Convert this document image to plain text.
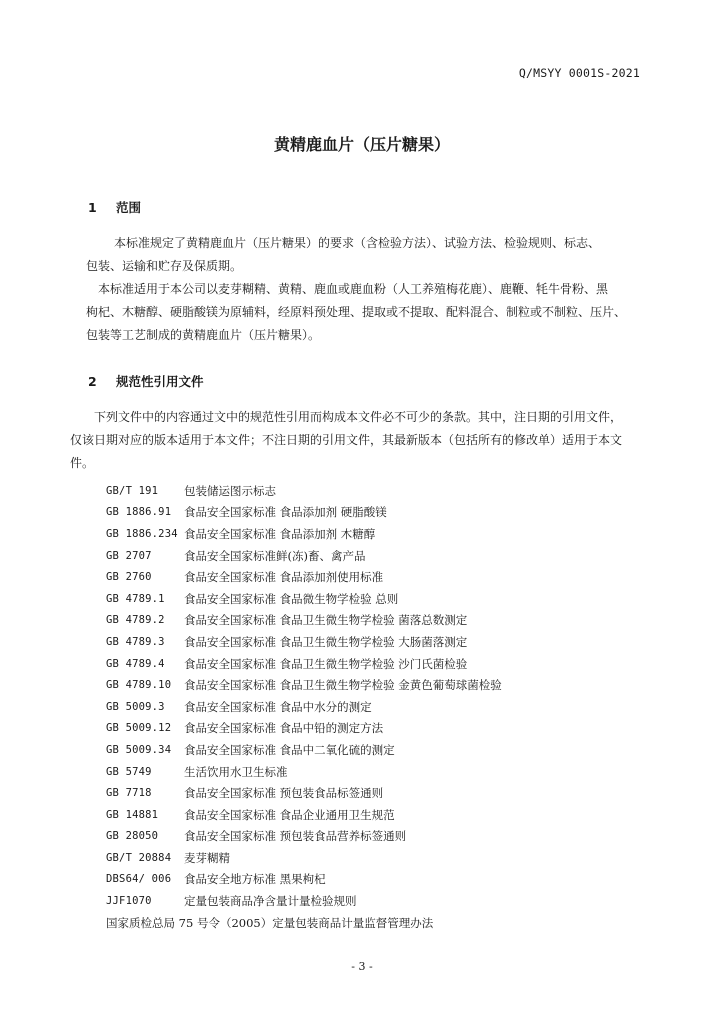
Q/MSYY 0001S-2021
黄精鹿血片（压片糖果）
1 范围
本标准规定了黄精鹿血片（压片糖果）的要求（含检验方法）、试验方法、检验规则、标志、
包装、运输和贮存及保质期。
本标准适用于本公司以麦芽糊精、黄精、鹿血或鹿血粉（人工养殖梅花鹿）、鹿鞭、牦牛骨粉、黑
枸杞、木糖醇、硬脂酸镁为原辅料，经原料预处理、提取或不提取、配料混合、制粒或不制粒、压片、
包装等工艺制成的黄精鹿血片（压片糖果）。
2 规范性引用文件
下列文件中的内容通过文中的规范性引用而构成本文件必不可少的条款。其中，注日期的引用文件，
仅该日期对应的版本适用于本文件；不注日期的引用文件，其最新版本（包括所有的修改单）适用于本文
件。
GB/T 191	包装储运图示标志
GB 1886.91	食品安全国家标准 食品添加剂 硬脂酸镁
GB 1886.234 食品安全国家标准 食品添加剂 木糖醇
GB 2707	食品安全国家标准鲜(冻)畜、禽产品
GB 2760	食品安全国家标准 食品添加剂使用标准
GB 4789.1	食品安全国家标准 食品微生物学检验 总则
GB 4789.2	食品安全国家标准 食品卫生微生物学检验 菌落总数测定
GB 4789.3	食品安全国家标准 食品卫生微生物学检验 大肠菌落测定
GB 4789.4	食品安全国家标准 食品卫生微生物学检验 沙门氏菌检验
GB 4789.10	食品安全国家标准 食品卫生微生物学检验 金黄色葡萄球菌检验
GB 5009.3	食品安全国家标准 食品中水分的测定
GB 5009.12	食品安全国家标准 食品中铅的测定方法
GB 5009.34	食品安全国家标准 食品中二氧化硫的测定
GB 5749	生活饮用水卫生标准
GB 7718	食品安全国家标准 预包装食品标签通则
GB 14881	食品安全国家标准 食品企业通用卫生规范
GB 28050	食品安全国家标准 预包装食品营养标签通则
GB/T 20884	麦芽糊精
DBS64/ 006	食品安全地方标准 黑果枸杞
JJF1070	定量包装商品净含量计量检验规则
国家质检总局 75 号令（2005）定量包装商品计量监督管理办法
- 3 -
